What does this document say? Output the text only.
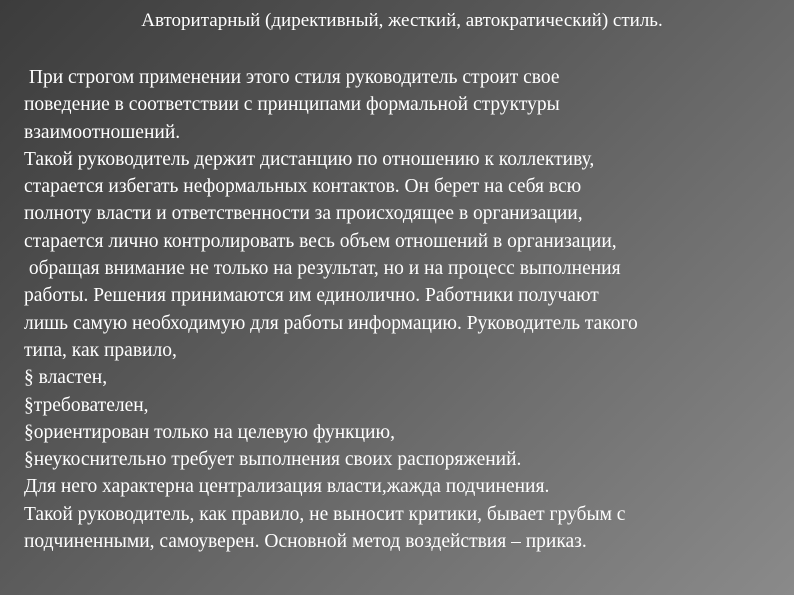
Авторитарный (директивный, жесткий, автократический) стиль.
При строгом применении этого стиля руководитель строит свое
поведение в соответствии с принципами формальной структуры
взаимоотношений.
Такой руководитель держит дистанцию по отношению к коллективу,
старается избегать неформальных контактов. Он берет на себя всю
полноту власти и ответственности за происходящее в организации,
старается лично контролировать весь объем отношений в организации,
обращая внимание не только на результат, но и на процесс выполнения
работы. Решения принимаются им единолично. Работники получают
лишь самую необходимую для работы информацию. Руководитель такого
типа, как правило,
§ властен,
§требователен,
§ориентирован только на целевую функцию,
§неукоснительно требует выполнения своих распоряжений.
Для него характерна централизация власти,жажда подчинения.
Такой руководитель, как правило, не выносит критики, бывает грубым с
подчиненными, самоуверен. Основной метод воздействия – приказ.
